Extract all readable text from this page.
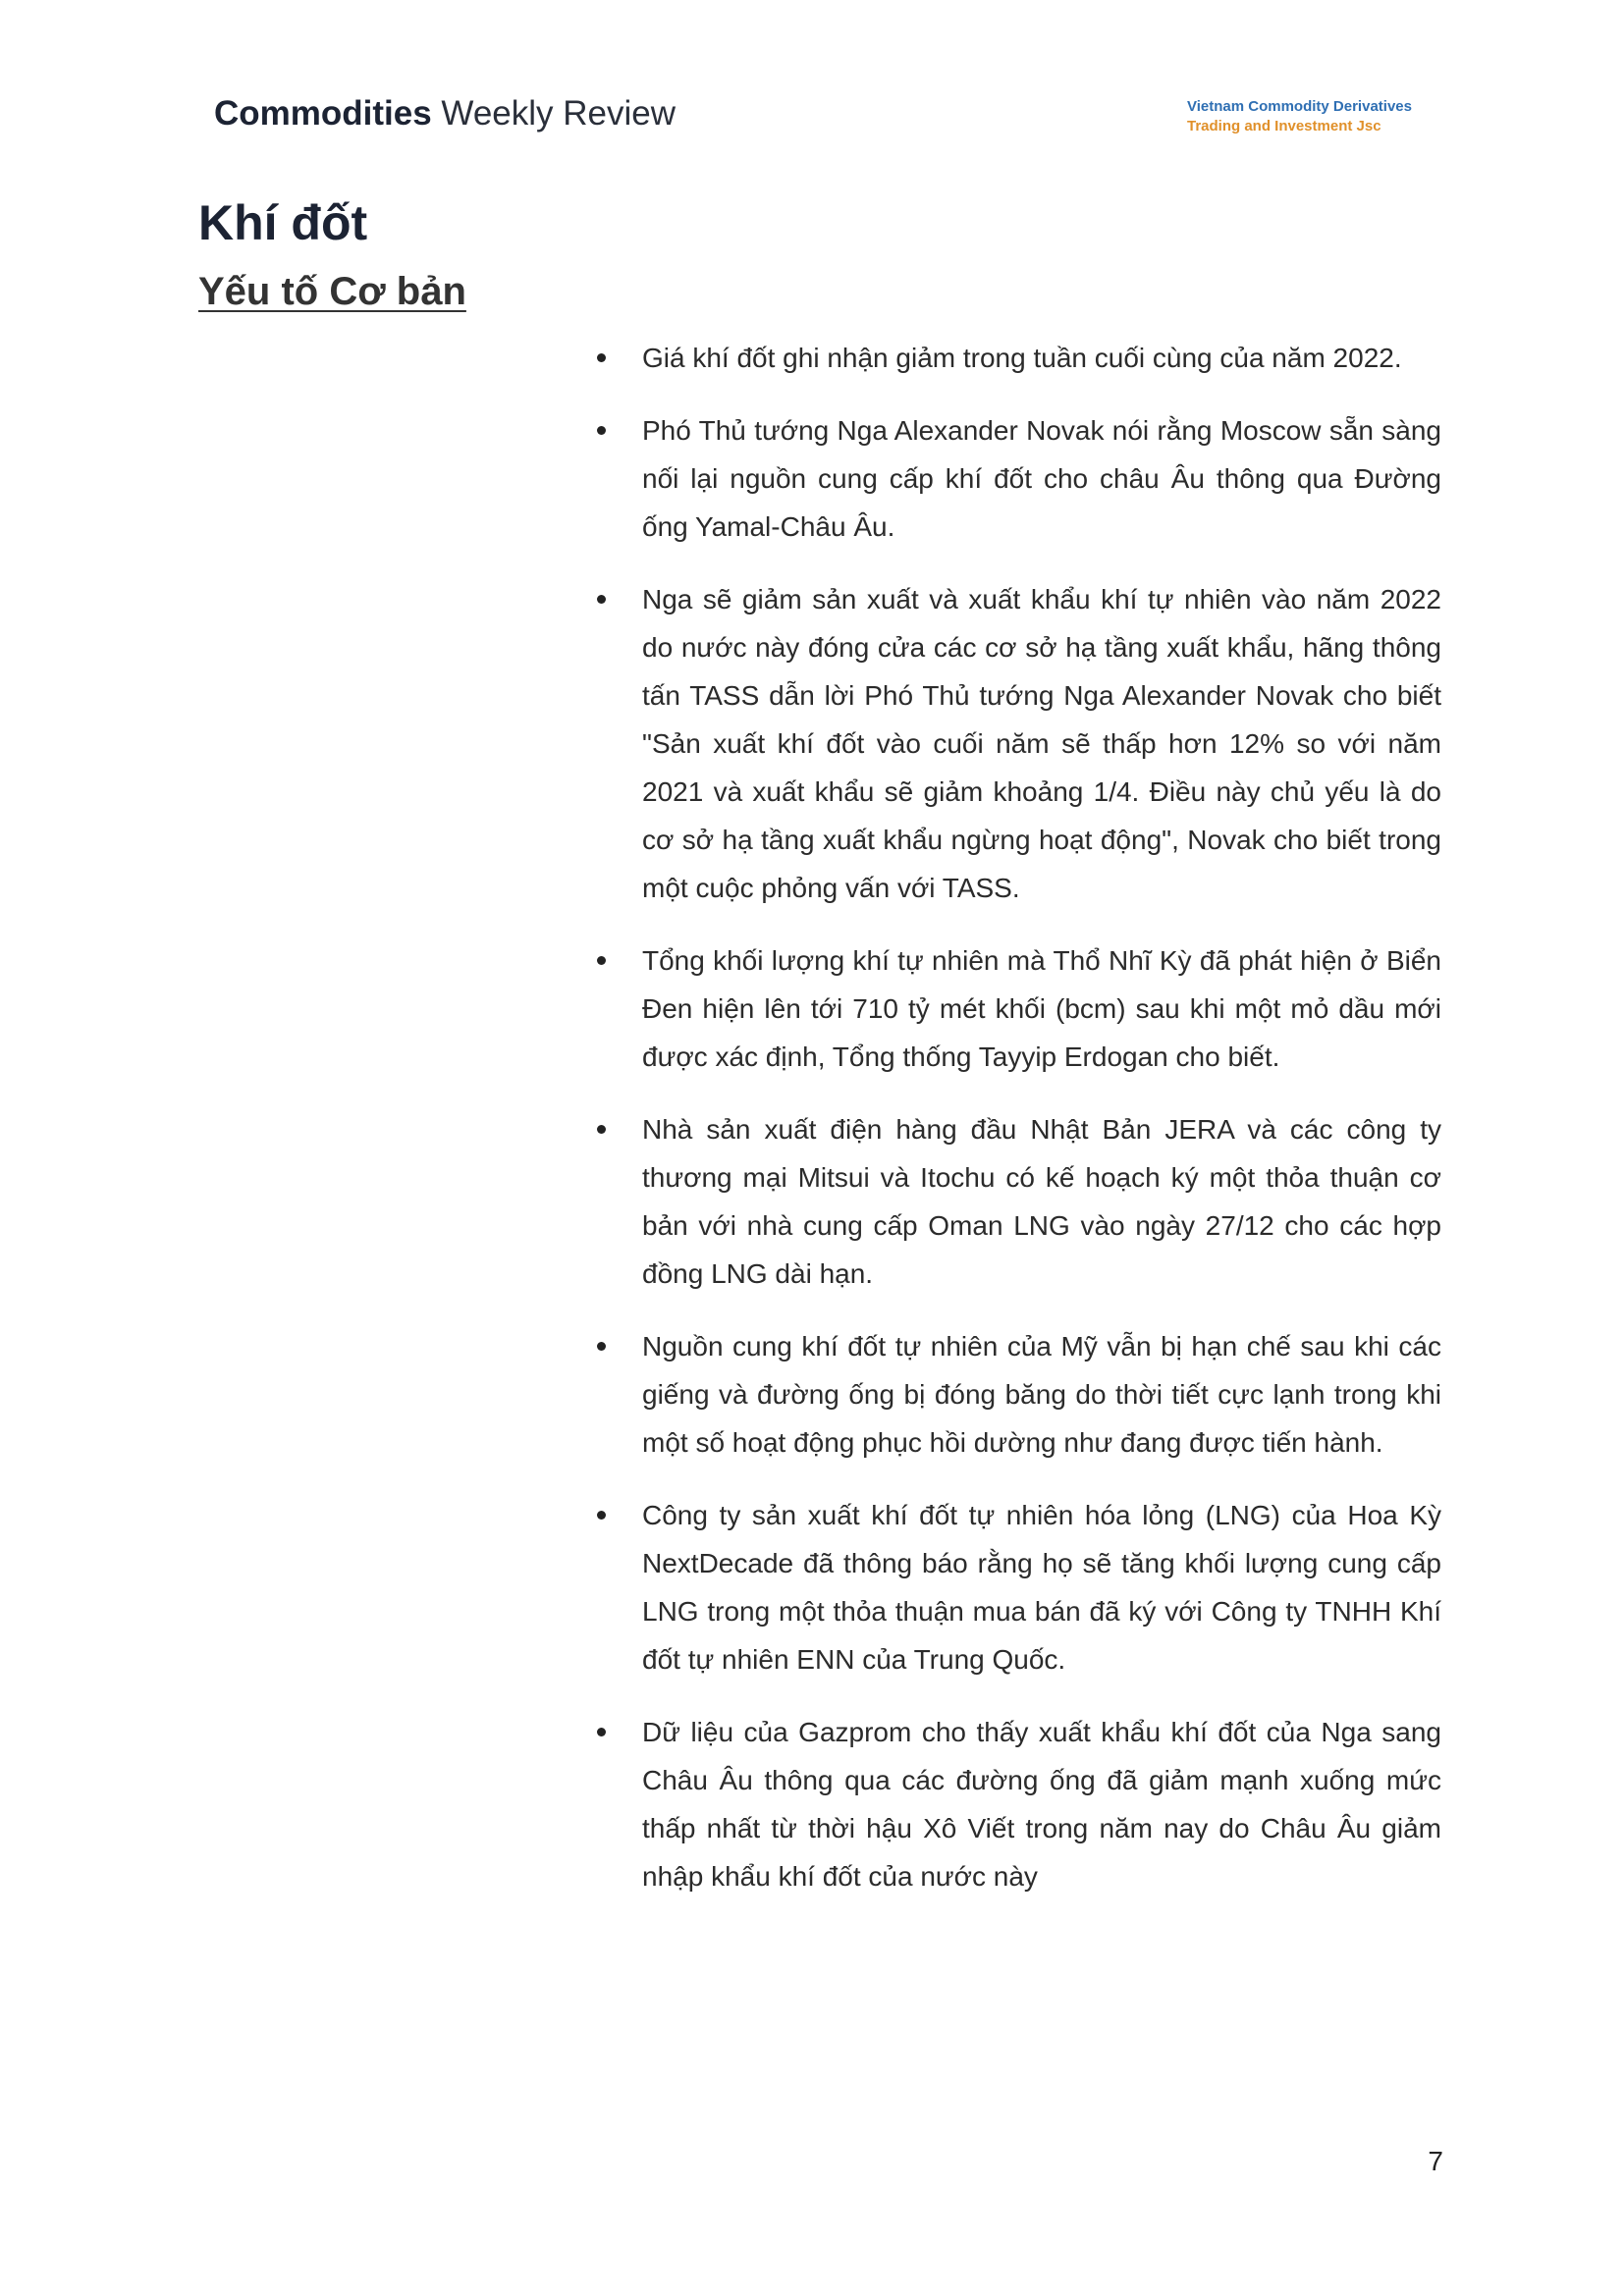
Commodities Weekly Review	Vietnam Commodity Derivatives
Trading and Investment Jsc
Khí đốt
Yếu tố Cơ bản
Giá khí đốt ghi nhận giảm trong tuần cuối cùng của năm 2022.
Phó Thủ tướng Nga Alexander Novak nói rằng Moscow sẵn sàng nối lại nguồn cung cấp khí đốt cho châu Âu thông qua Đường ống Yamal-Châu Âu.
Nga sẽ giảm sản xuất và xuất khẩu khí tự nhiên vào năm 2022 do nước này đóng cửa các cơ sở hạ tầng xuất khẩu, hãng thông tấn TASS dẫn lời Phó Thủ tướng Nga Alexander Novak cho biết "Sản xuất khí đốt vào cuối năm sẽ thấp hơn 12% so với năm 2021 và xuất khẩu sẽ giảm khoảng 1/4. Điều này chủ yếu là do cơ sở hạ tầng xuất khẩu ngừng hoạt động", Novak cho biết trong một cuộc phỏng vấn với TASS.
Tổng khối lượng khí tự nhiên mà Thổ Nhĩ Kỳ đã phát hiện ở Biển Đen hiện lên tới 710 tỷ mét khối (bcm) sau khi một mỏ dầu mới được xác định, Tổng thống Tayyip Erdogan cho biết.
Nhà sản xuất điện hàng đầu Nhật Bản JERA và các công ty thương mại Mitsui và Itochu có kế hoạch ký một thỏa thuận cơ bản với nhà cung cấp Oman LNG vào ngày 27/12 cho các hợp đồng LNG dài hạn.
Nguồn cung khí đốt tự nhiên của Mỹ vẫn bị hạn chế sau khi các giếng và đường ống bị đóng băng do thời tiết cực lạnh trong khi một số hoạt động phục hồi dường như đang được tiến hành.
Công ty sản xuất khí đốt tự nhiên hóa lỏng (LNG) của Hoa Kỳ NextDecade đã thông báo rằng họ sẽ tăng khối lượng cung cấp LNG trong một thỏa thuận mua bán đã ký với Công ty TNHH Khí đốt tự nhiên ENN của Trung Quốc.
Dữ liệu của Gazprom cho thấy xuất khẩu khí đốt của Nga sang Châu Âu thông qua các đường ống đã giảm mạnh xuống mức thấp nhất từ thời hậu Xô Viết trong năm nay do Châu Âu giảm nhập khẩu khí đốt của nước này
7
